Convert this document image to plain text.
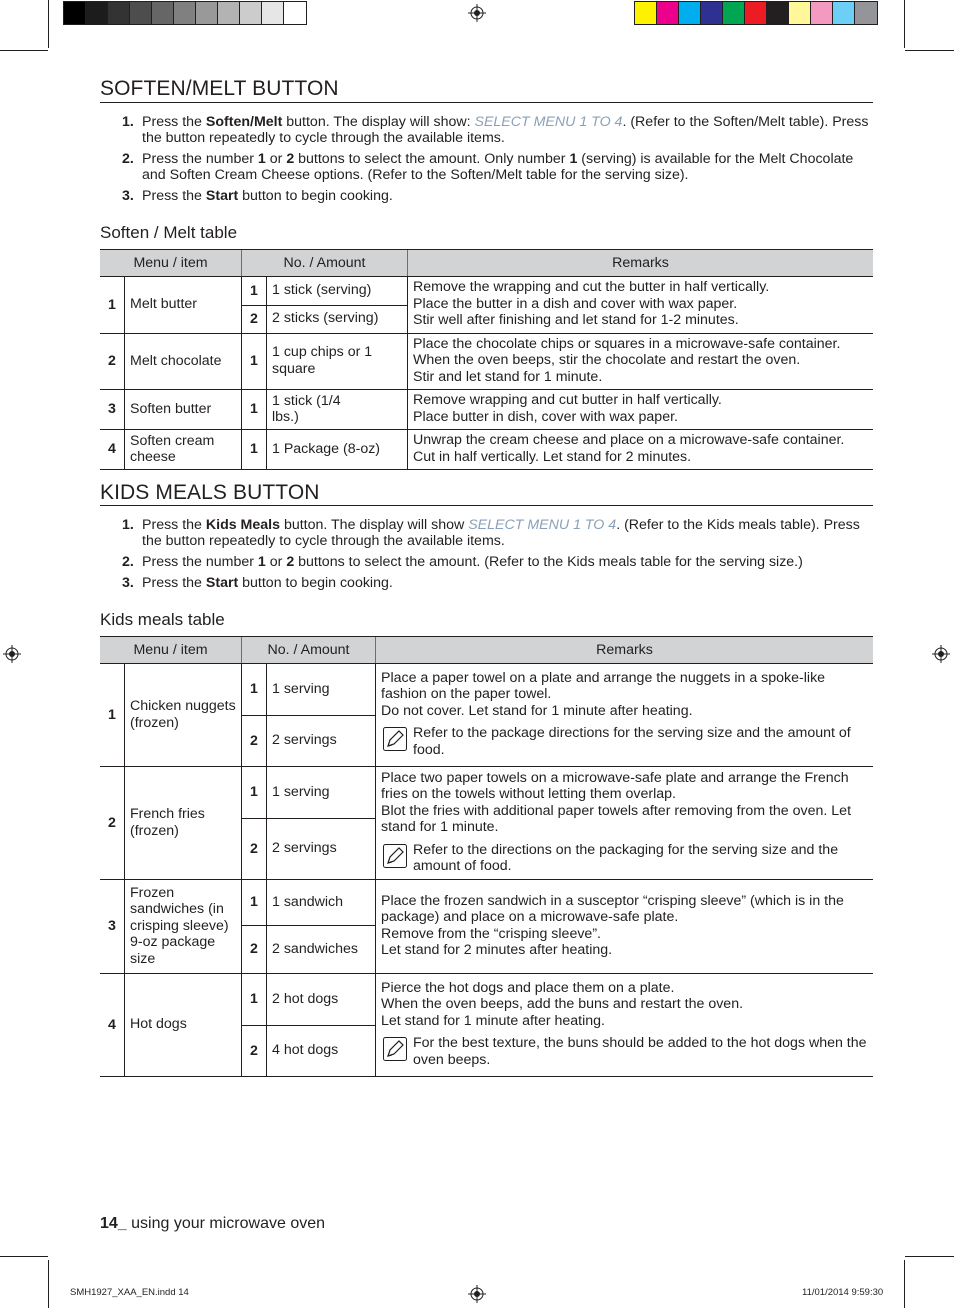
SOFTEN/MELT BUTTON
1. Press the Soften/Melt button. The display will show: SELECT MENU 1 TO 4. (Refer to the Soften/Melt table). Press the button repeatedly to cycle through the available items.
2. Press the number 1 or 2 buttons to select the amount. Only number 1 (serving) is available for the Melt Chocolate and Soften Cream Cheese options. (Refer to the Soften/Melt table for the serving size).
3. Press the Start button to begin cooking.
Soften / Melt table
Menu / item		No. / Amount		Remarks
1	Melt butter	1	1 stick (serving)	Remove the wrapping and cut the butter in half vertically.
Place the butter in a dish and cover with wax paper.
Stir well after finishing and let stand for 1-2 minutes.

		2	2 sticks (serving)	
2	Melt chocolate	1	1 cup chips or 1 square	Place the chocolate chips or squares in a microwave-safe container.
When the oven beeps, stir the chocolate and restart the oven.
Stir and let stand for 1 minute.

3	Soften butter	1	1 stick (1/4 lbs.)	Remove wrapping and cut butter in half vertically.
Place butter in dish, cover with wax paper.

4	Soften cream cheese	1	1 Package (8-oz)	Unwrap the cream cheese and place on a microwave-safe container.
Cut in half vertically. Let stand for 2 minutes.
KIDS MEALS BUTTON
1. Press the Kids Meals button. The display will show SELECT MENU 1 TO 4. (Refer to the Kids meals table). Press the button repeatedly to cycle through the available items.
2. Press the number 1 or 2 buttons to select the amount. (Refer to the Kids meals table for the serving size.)
3. Press the Start button to begin cooking.
Kids meals table
Menu / item		No. / Amount		Remarks
1	Chicken nuggets (frozen)	1	1 serving	Place a paper towel on a plate and arrange the nuggets in a spoke-like fashion on the paper towel.
Do not cover. Let stand for 1 minute after heating.
Refer to the package directions for the serving size and the amount of food.

		2	2 servings	
2	French fries (frozen)	1	1 serving	Place two paper towels on a microwave-safe plate and arrange the French fries on the towels without letting them overlap.
Blot the fries with additional paper towels after removing from the oven. Let stand for 1 minute.
Refer to the directions on the packaging for the serving size and the amount of food.

		2	2 servings	
3	Frozen sandwiches (in crisping sleeve) 9-oz package size	1	1 sandwich	Place the frozen sandwich in a susceptor “crisping sleeve” (which is in the package) and place on a microwave-safe plate.
Remove from the “crisping sleeve”.
Let stand for 2 minutes after heating.

		2	2 sandwiches	
4	Hot dogs	1	2 hot dogs	Pierce the hot dogs and place them on a plate.
When the oven beeps, add the buns and restart the oven.
Let stand for 1 minute after heating.
For the best texture, the buns should be added to the hot dogs when the oven beeps.

		2	4 hot dogs	
14_ using your microwave oven
SMH1927_XAA_EN.indd 14	11/01/2014 9:59:30
